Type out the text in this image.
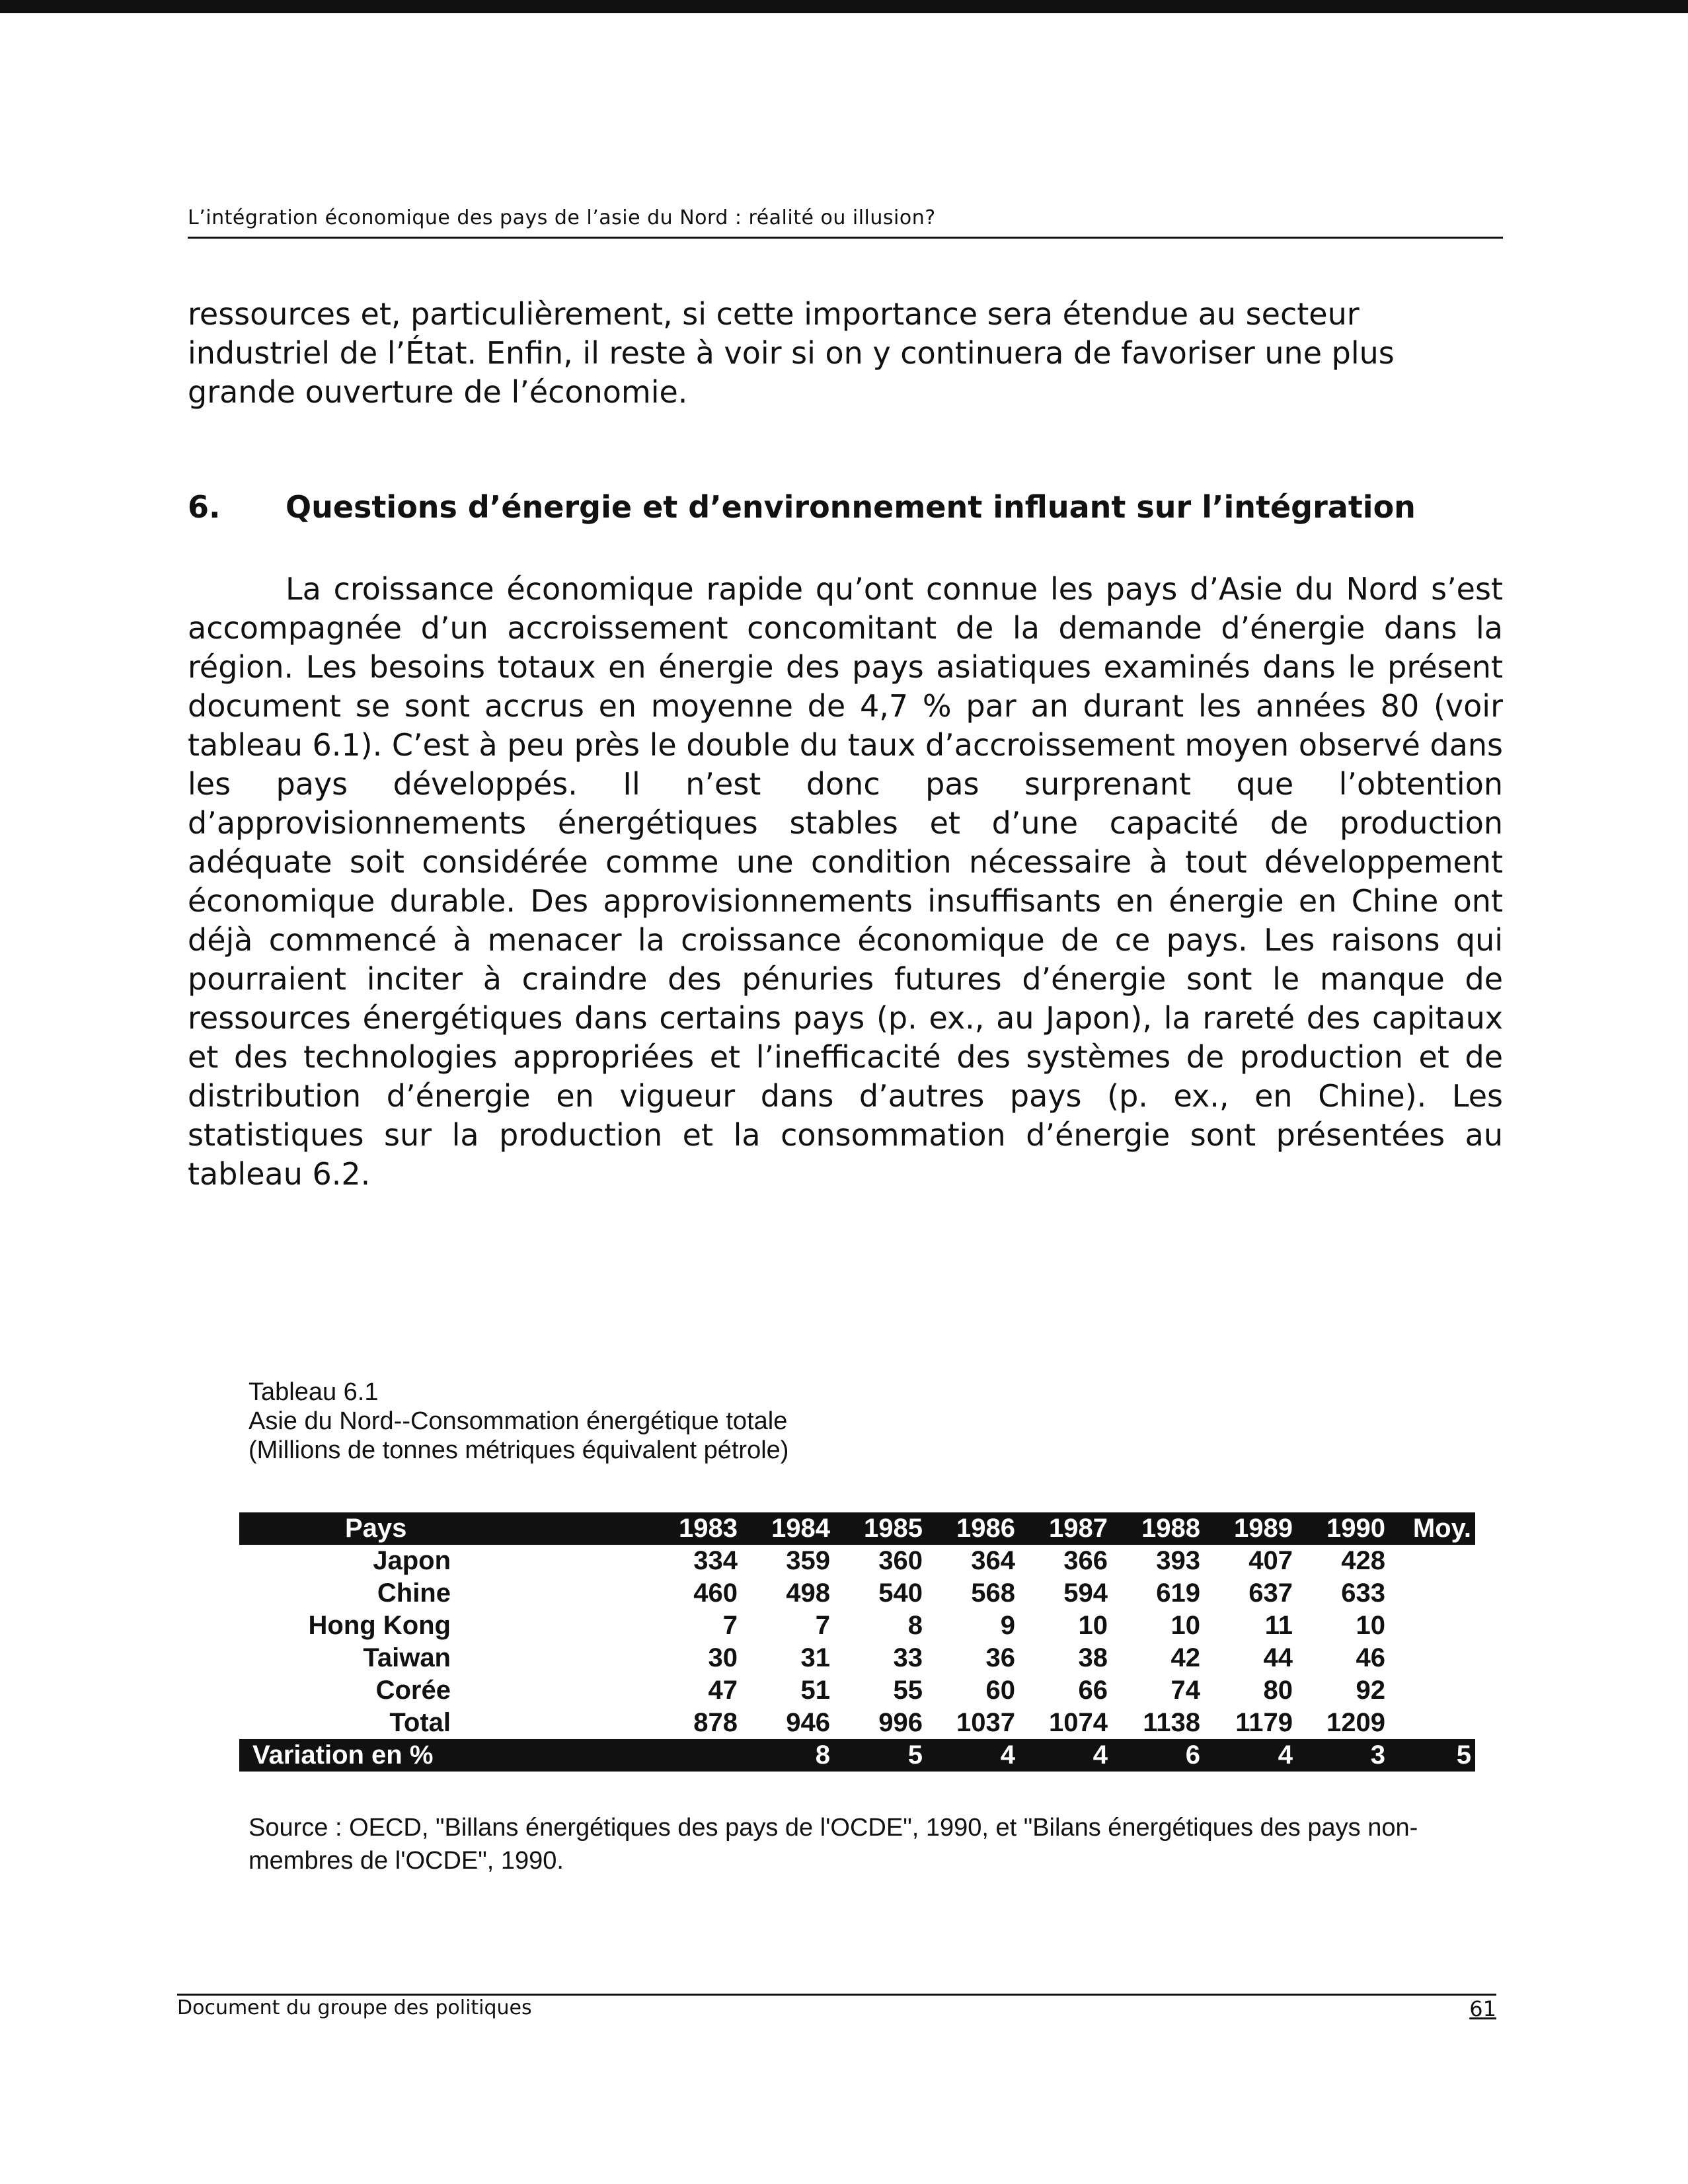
L’intégration économique des pays de l’asie du Nord : réalité ou illusion?

ressources et, particulièrement, si cette importance sera étendue au secteur industriel de l’État. Enfin, il reste à voir si on y continuera de favoriser une plus grande ouverture de l’économie.

6. Questions d’énergie et d’environnement influant sur l’intégration

La croissance économique rapide qu’ont connue les pays d’Asie du Nord s’est accompagnée d’un accroissement concomitant de la demande d’énergie dans la région. Les besoins totaux en énergie des pays asiatiques examinés dans le présent document se sont accrus en moyenne de 4,7 % par an durant les années 80 (voir tableau 6.1). C’est à peu près le double du taux d’accroissement moyen observé dans les pays développés. Il n’est donc pas surprenant que l’obtention d’approvisionnements énergétiques stables et d’une capacité de production adéquate soit considérée comme une condition nécessaire à tout développement économique durable. Des approvisionnements insuffisants en énergie en Chine ont déjà commencé à menacer la croissance économique de ce pays. Les raisons qui pourraient inciter à craindre des pénuries futures d’énergie sont le manque de ressources énergétiques dans certains pays (p. ex., au Japon), la rareté des capitaux et des technologies appropriées et l’inefficacité des systèmes de production et de distribution d’énergie en vigueur dans d’autres pays (p. ex., en Chine). Les statistiques sur la production et la consommation d’énergie sont présentées au tableau 6.2.

Tableau 6.1
Asie du Nord--Consommation énergétique totale
(Millions de tonnes métriques équivalent pétrole)
Pays	1983	1984	1985	1986	1987	1988	1989	1990	Moy.
Japon	334	359	360	364	366	393	407	428	
Chine	460	498	540	568	594	619	637	633	
Hong Kong	7	7	8	9	10	10	11	10	
Taiwan	30	31	33	36	38	42	44	46	
Corée	47	51	55	60	66	74	80	92	
Total	878	946	996	1037	1074	1138	1179	1209	
Variation en %		8	5	4	4	6	4	3	5
Source : OECD, "Billans énergétiques des pays de l'OCDE", 1990, et "Bilans énergétiques des pays non-membres de l'OCDE", 1990.
Document du groupe des politiques	61
